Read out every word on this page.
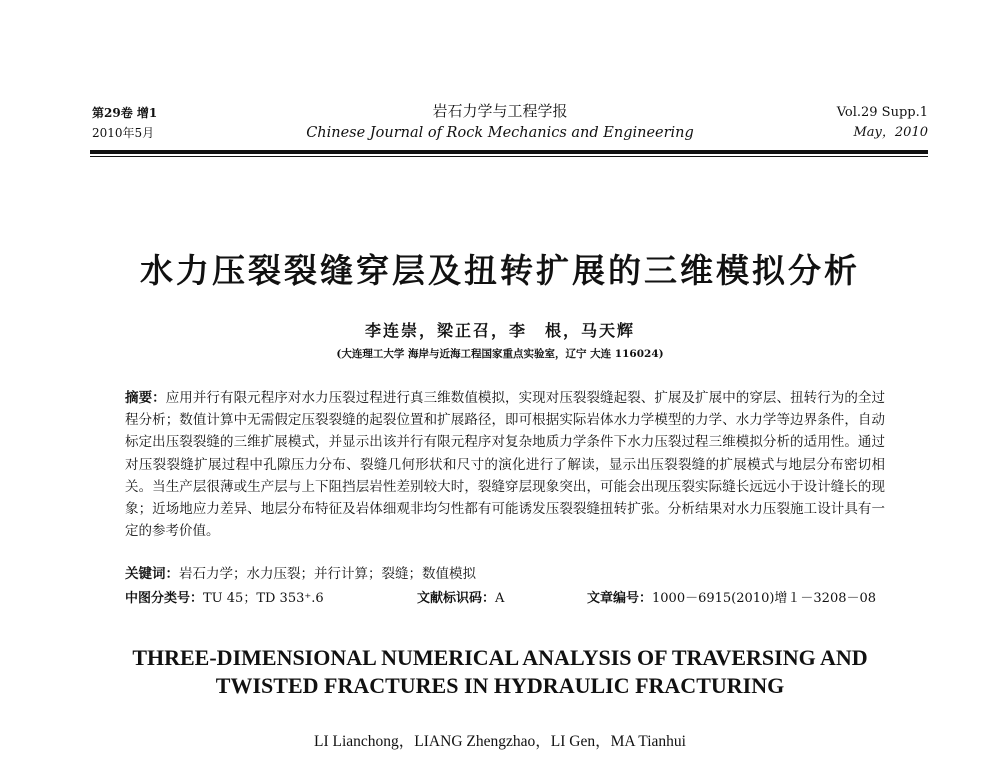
第29卷 增1
2010年5月
岩石力学与工程学报
Chinese Journal of Rock Mechanics and Engineering
Vol.29 Supp.1
May，2010
水力压裂裂缝穿层及扭转扩展的三维模拟分析
李连崇，梁正召，李　根，马天辉
(大连理工大学 海岸与近海工程国家重点实验室，辽宁 大连 116024)
摘要：应用并行有限元程序对水力压裂过程进行真三维数值模拟，实现对压裂裂缝起裂、扩展及扩展中的穿层、扭转行为的全过程分析；数值计算中无需假定压裂裂缝的起裂位置和扩展路径，即可根据实际岩体水力学模型的力学、水力学等边界条件，自动标定出压裂裂缝的三维扩展模式，并显示出该并行有限元程序对复杂地质力学条件下水力压裂过程三维模拟分析的适用性。通过对压裂裂缝扩展过程中孔隙压力分布、裂缝几何形状和尺寸的演化进行了解读，显示出压裂裂缝的扩展模式与地层分布密切相关。当生产层很薄或生产层与上下阻挡层岩性差别较大时，裂缝穿层现象突出，可能会出现压裂实际缝长远远小于设计缝长的现象；近场地应力差异、地层分布特征及岩体细观非均匀性都有可能诱发压裂裂缝扭转扩张。分析结果对水力压裂施工设计具有一定的参考价值。
关键词：岩石力学；水力压裂；并行计算；裂缝；数值模拟
中图分类号：TU 45；TD 353⁺.6	文献标识码：A	文章编号：1000－6915(2010)增１－3208－08
THREE-DIMENSIONAL NUMERICAL ANALYSIS OF TRAVERSING AND
TWISTED FRACTURES IN HYDRAULIC FRACTURING
LI Lianchong，LIANG Zhengzhao，LI Gen，MA Tianhui
